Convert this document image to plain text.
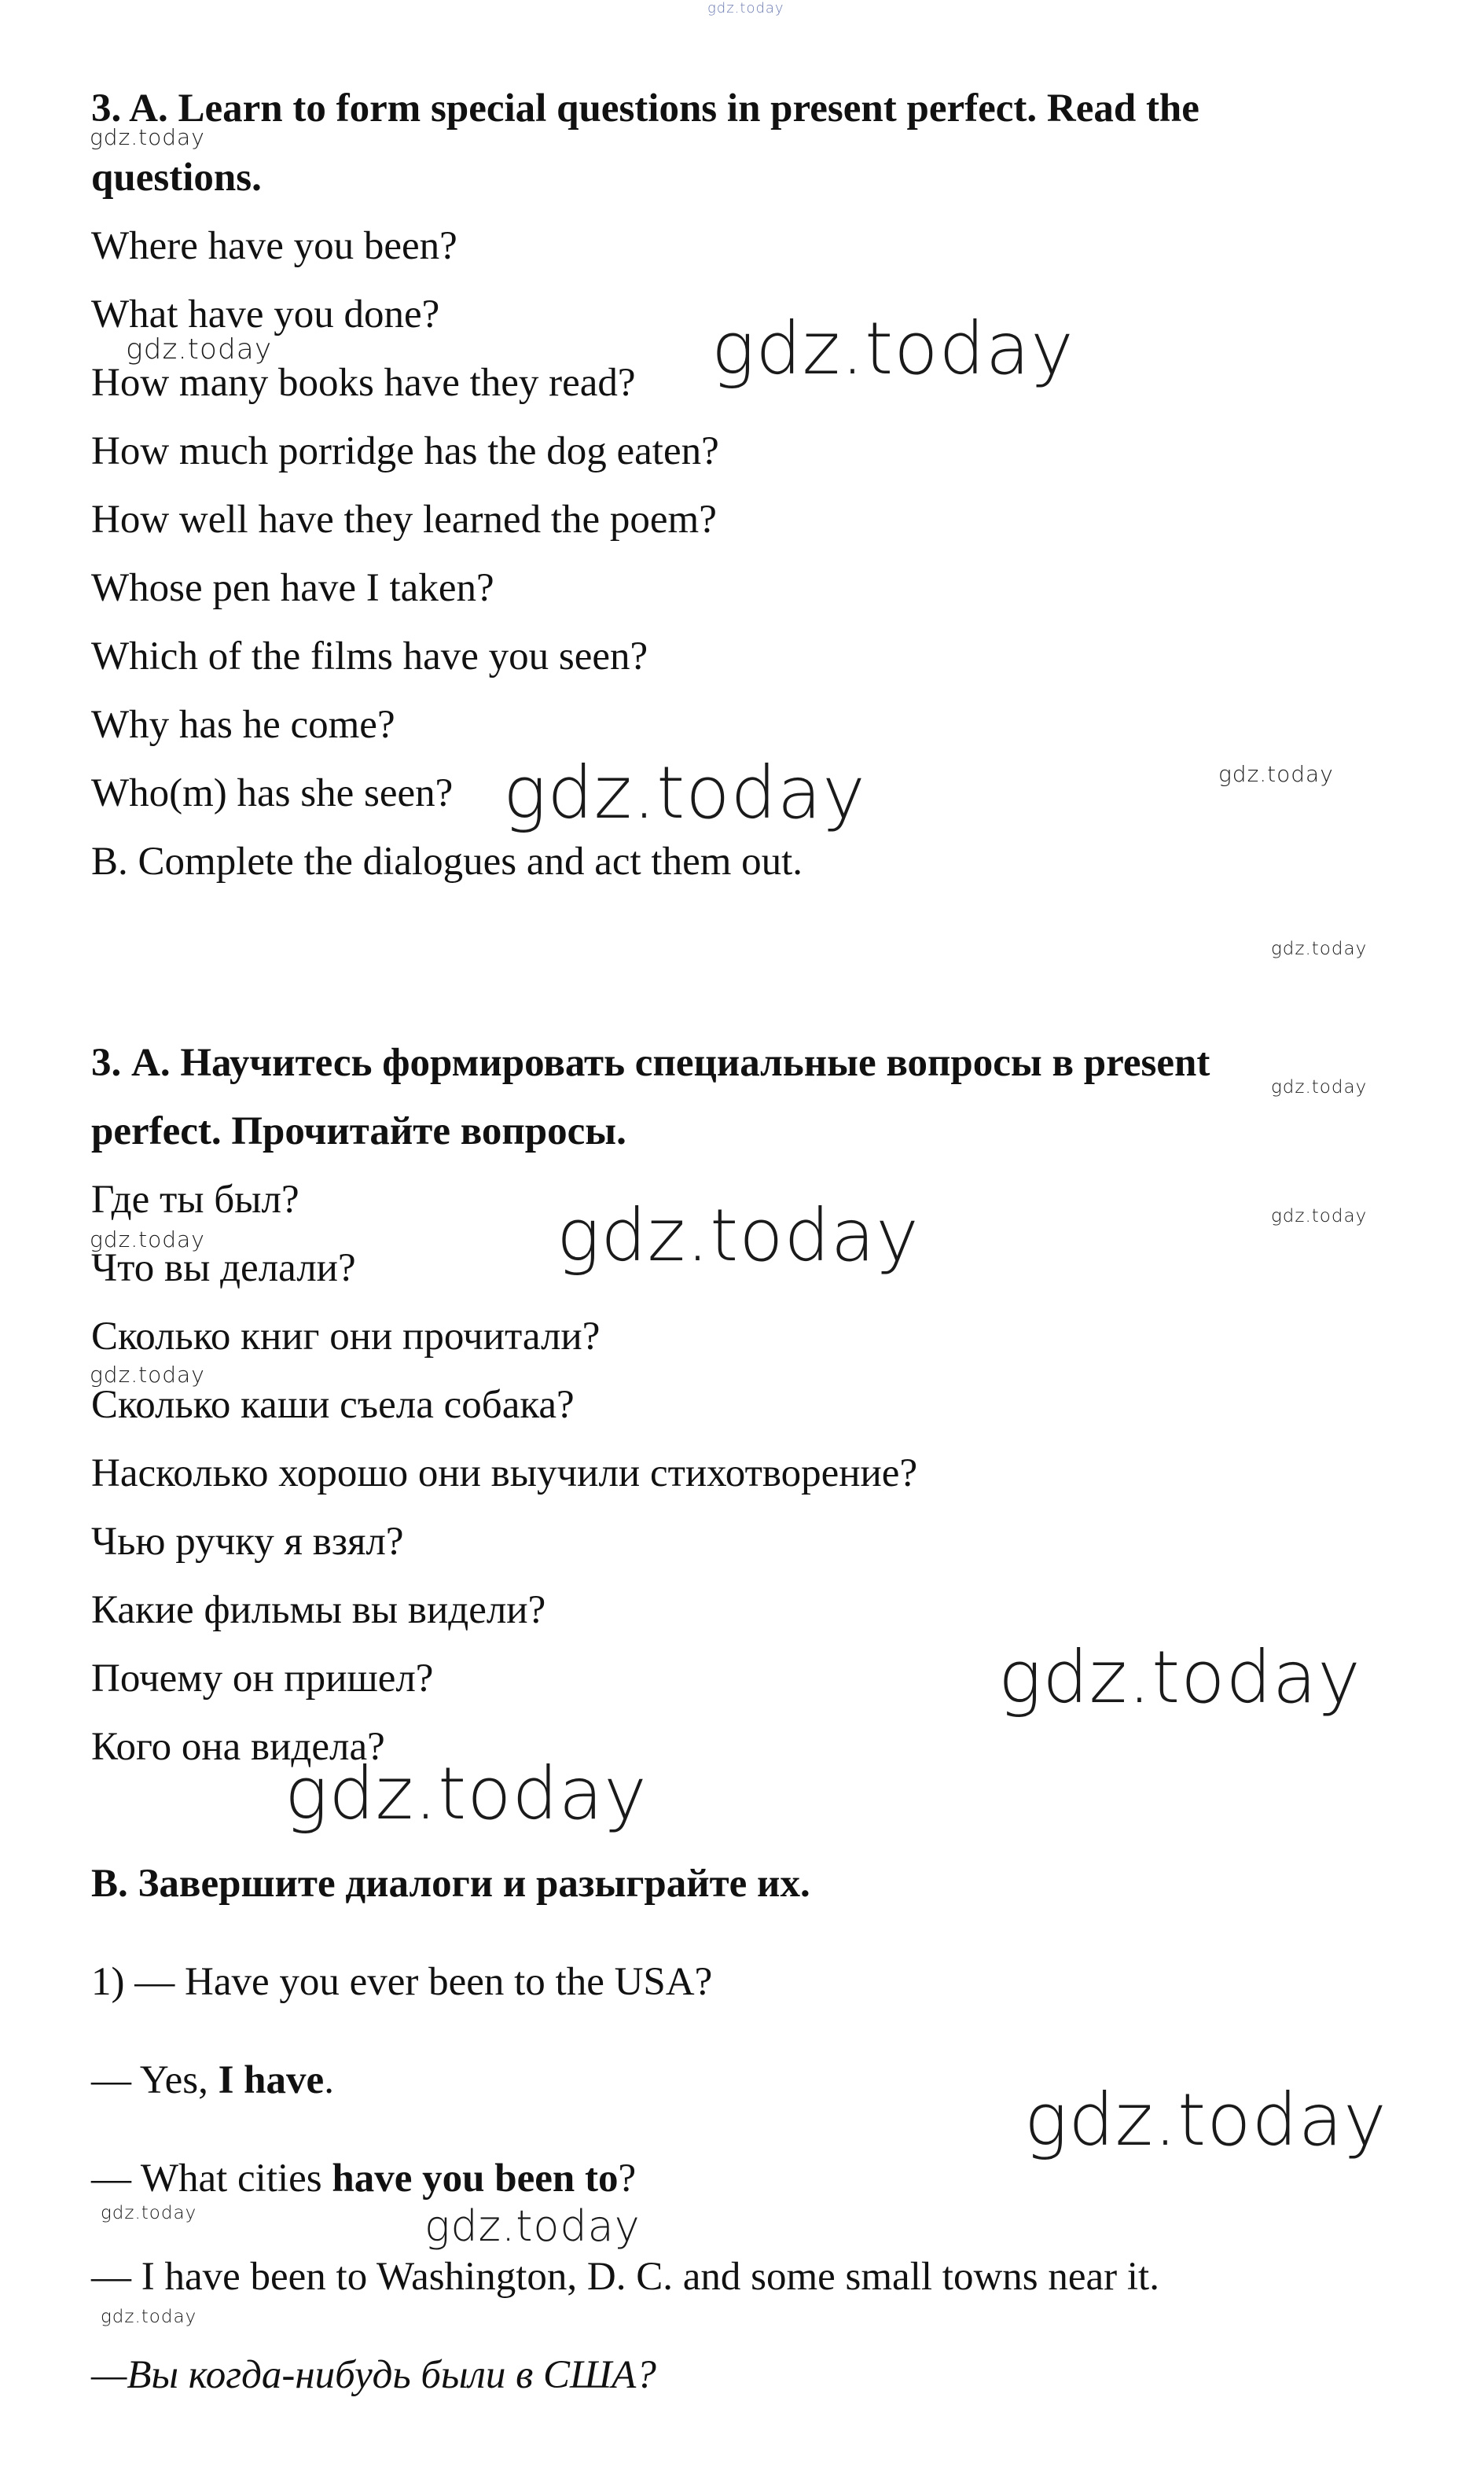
gdz.today
3. A. Learn to form special questions in present perfect. Read the
gdz.today
questions.
Where have you been?
What have you done?
gdz.today
How many books have they read? gdz.today
How much porridge has the dog eaten?
How well have they learned the poem?
Whose pen have I taken?
Which of the films have you seen?
Why has he come?
Who(m) has she seen? gdz.today	gdz.today
B. Complete the dialogues and act them out.
gdz.today
3. А. Научитесь формировать специальные вопросы в present
gdz.today
perfect. Прочитайте вопросы.
Где ты был?	gdz.today
gdz.today
gdz.today
Что вы делали?
Сколько книг они прочитали?
gdz.today
Сколько каши съела собака?
Насколько хорошо они выучили стихотворение?
Чью ручку я взял?
Какие фильмы вы видели?
Почему он пришел?	gdz.today
Кого она видела?
gdz.today
В. Завершите диалоги и разыграйте их.
1) — Have you ever been to the USA?
— Yes, I have.	gdz.today
— What cities have you been to?
gdz.today	gdz.today
— I have been to Washington, D. C. and some small towns near it.
gdz.today
—Вы когда-нибудь были в США?
